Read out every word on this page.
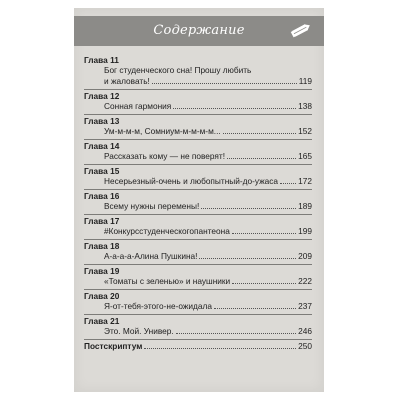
Содержание
Глава 11
Бог студенческого сна! Прошу любить
и жаловать!	119
Глава 12
Сонная гармония	138
Глава 13
Ум-м-м-м, Сомниум-м-м-м-м...	152
Глава 14
Рассказать кому — не поверят!	165
Глава 15
Несерьезный-очень и любопытный-до-ужаса 172
Глава 16
Всему нужны перемены!	189
Глава 17
#Конкурсстуденческогопантеона	199
Глава 18
А-а-а-а-Алина Пушкина!	209
Глава 19
«Томаты с зеленью» и наушники	222
Глава 20
Я-от-тебя-этого-не-ожидала	237
Глава 21
Это. Мой. Универ.	246
Постскриптум	250
